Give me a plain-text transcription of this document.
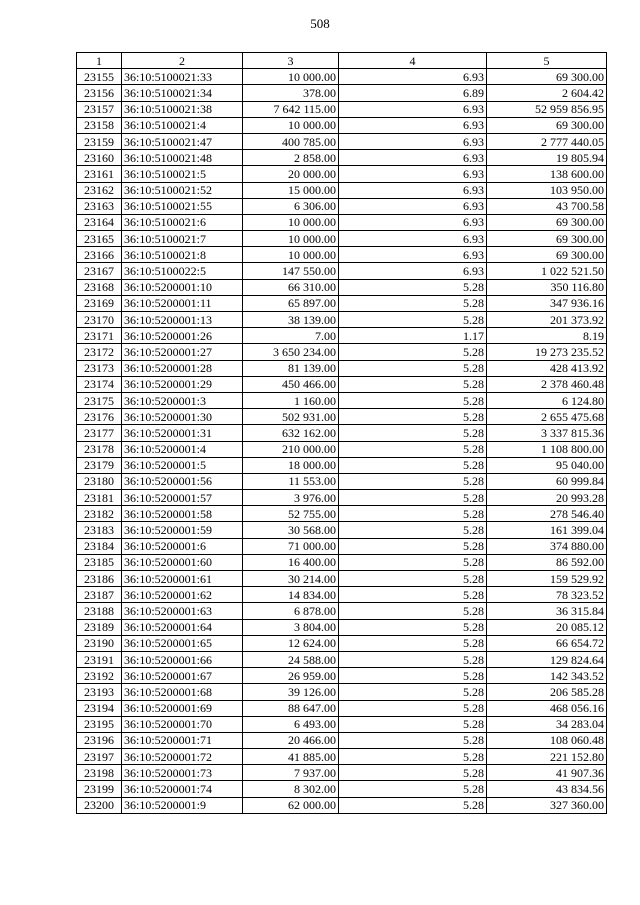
508
1	2	3	4	5
23155	36:10:5100021:33	10 000.00	6.93	69 300.00
23156	36:10:5100021:34	378.00	6.89	2 604.42
23157	36:10:5100021:38	7 642 115.00	6.93	52 959 856.95
23158	36:10:5100021:4	10 000.00	6.93	69 300.00
23159	36:10:5100021:47	400 785.00	6.93	2 777 440.05
23160	36:10:5100021:48	2 858.00	6.93	19 805.94
23161	36:10:5100021:5	20 000.00	6.93	138 600.00
23162	36:10:5100021:52	15 000.00	6.93	103 950.00
23163	36:10:5100021:55	6 306.00	6.93	43 700.58
23164	36:10:5100021:6	10 000.00	6.93	69 300.00
23165	36:10:5100021:7	10 000.00	6.93	69 300.00
23166	36:10:5100021:8	10 000.00	6.93	69 300.00
23167	36:10:5100022:5	147 550.00	6.93	1 022 521.50
23168	36:10:5200001:10	66 310.00	5.28	350 116.80
23169	36:10:5200001:11	65 897.00	5.28	347 936.16
23170	36:10:5200001:13	38 139.00	5.28	201 373.92
23171	36:10:5200001:26	7.00	1.17	8.19
23172	36:10:5200001:27	3 650 234.00	5.28	19 273 235.52
23173	36:10:5200001:28	81 139.00	5.28	428 413.92
23174	36:10:5200001:29	450 466.00	5.28	2 378 460.48
23175	36:10:5200001:3	1 160.00	5.28	6 124.80
23176	36:10:5200001:30	502 931.00	5.28	2 655 475.68
23177	36:10:5200001:31	632 162.00	5.28	3 337 815.36
23178	36:10:5200001:4	210 000.00	5.28	1 108 800.00
23179	36:10:5200001:5	18 000.00	5.28	95 040.00
23180	36:10:5200001:56	11 553.00	5.28	60 999.84
23181	36:10:5200001:57	3 976.00	5.28	20 993.28
23182	36:10:5200001:58	52 755.00	5.28	278 546.40
23183	36:10:5200001:59	30 568.00	5.28	161 399.04
23184	36:10:5200001:6	71 000.00	5.28	374 880.00
23185	36:10:5200001:60	16 400.00	5.28	86 592.00
23186	36:10:5200001:61	30 214.00	5.28	159 529.92
23187	36:10:5200001:62	14 834.00	5.28	78 323.52
23188	36:10:5200001:63	6 878.00	5.28	36 315.84
23189	36:10:5200001:64	3 804.00	5.28	20 085.12
23190	36:10:5200001:65	12 624.00	5.28	66 654.72
23191	36:10:5200001:66	24 588.00	5.28	129 824.64
23192	36:10:5200001:67	26 959.00	5.28	142 343.52
23193	36:10:5200001:68	39 126.00	5.28	206 585.28
23194	36:10:5200001:69	88 647.00	5.28	468 056.16
23195	36:10:5200001:70	6 493.00	5.28	34 283.04
23196	36:10:5200001:71	20 466.00	5.28	108 060.48
23197	36:10:5200001:72	41 885.00	5.28	221 152.80
23198	36:10:5200001:73	7 937.00	5.28	41 907.36
23199	36:10:5200001:74	8 302.00	5.28	43 834.56
23200	36:10:5200001:9	62 000.00	5.28	327 360.00
